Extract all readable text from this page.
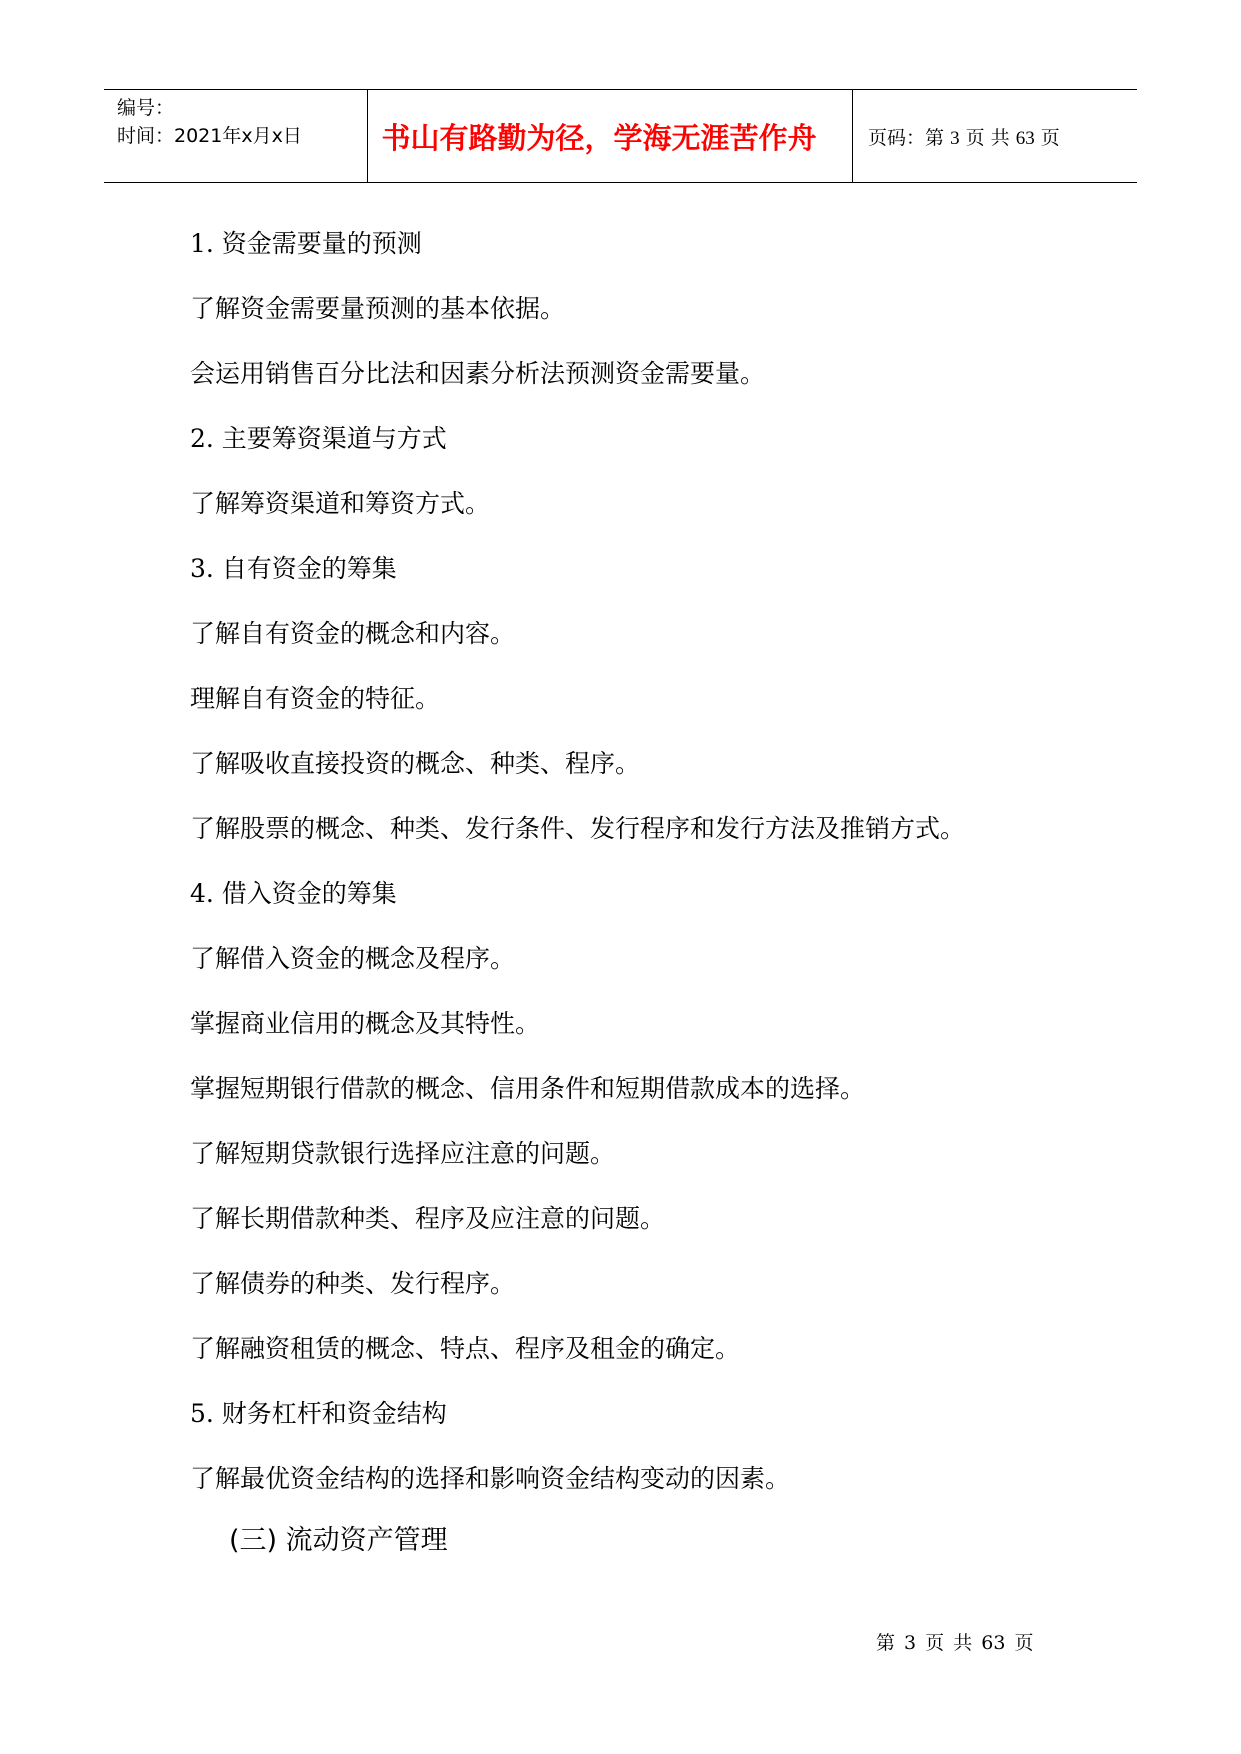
编号：
时间：2021年x月x日	书山有路勤为径，学海无涯苦作舟	页码：第 3 页 共 63 页
1. 资金需要量的预测
了解资金需要量预测的基本依据。
会运用销售百分比法和因素分析法预测资金需要量。
2. 主要筹资渠道与方式
了解筹资渠道和筹资方式。
3. 自有资金的筹集
了解自有资金的概念和内容。
理解自有资金的特征。
了解吸收直接投资的概念、种类、程序。
了解股票的概念、种类、发行条件、发行程序和发行方法及推销方式。
4. 借入资金的筹集
了解借入资金的概念及程序。
掌握商业信用的概念及其特性。
掌握短期银行借款的概念、信用条件和短期借款成本的选择。
了解短期贷款银行选择应注意的问题。
了解长期借款种类、程序及应注意的问题。
了解债券的种类、发行程序。
了解融资租赁的概念、特点、程序及租金的确定。
5. 财务杠杆和资金结构
了解最优资金结构的选择和影响资金结构变动的因素。
(三) 流动资产管理
第 3 页 共 63 页
